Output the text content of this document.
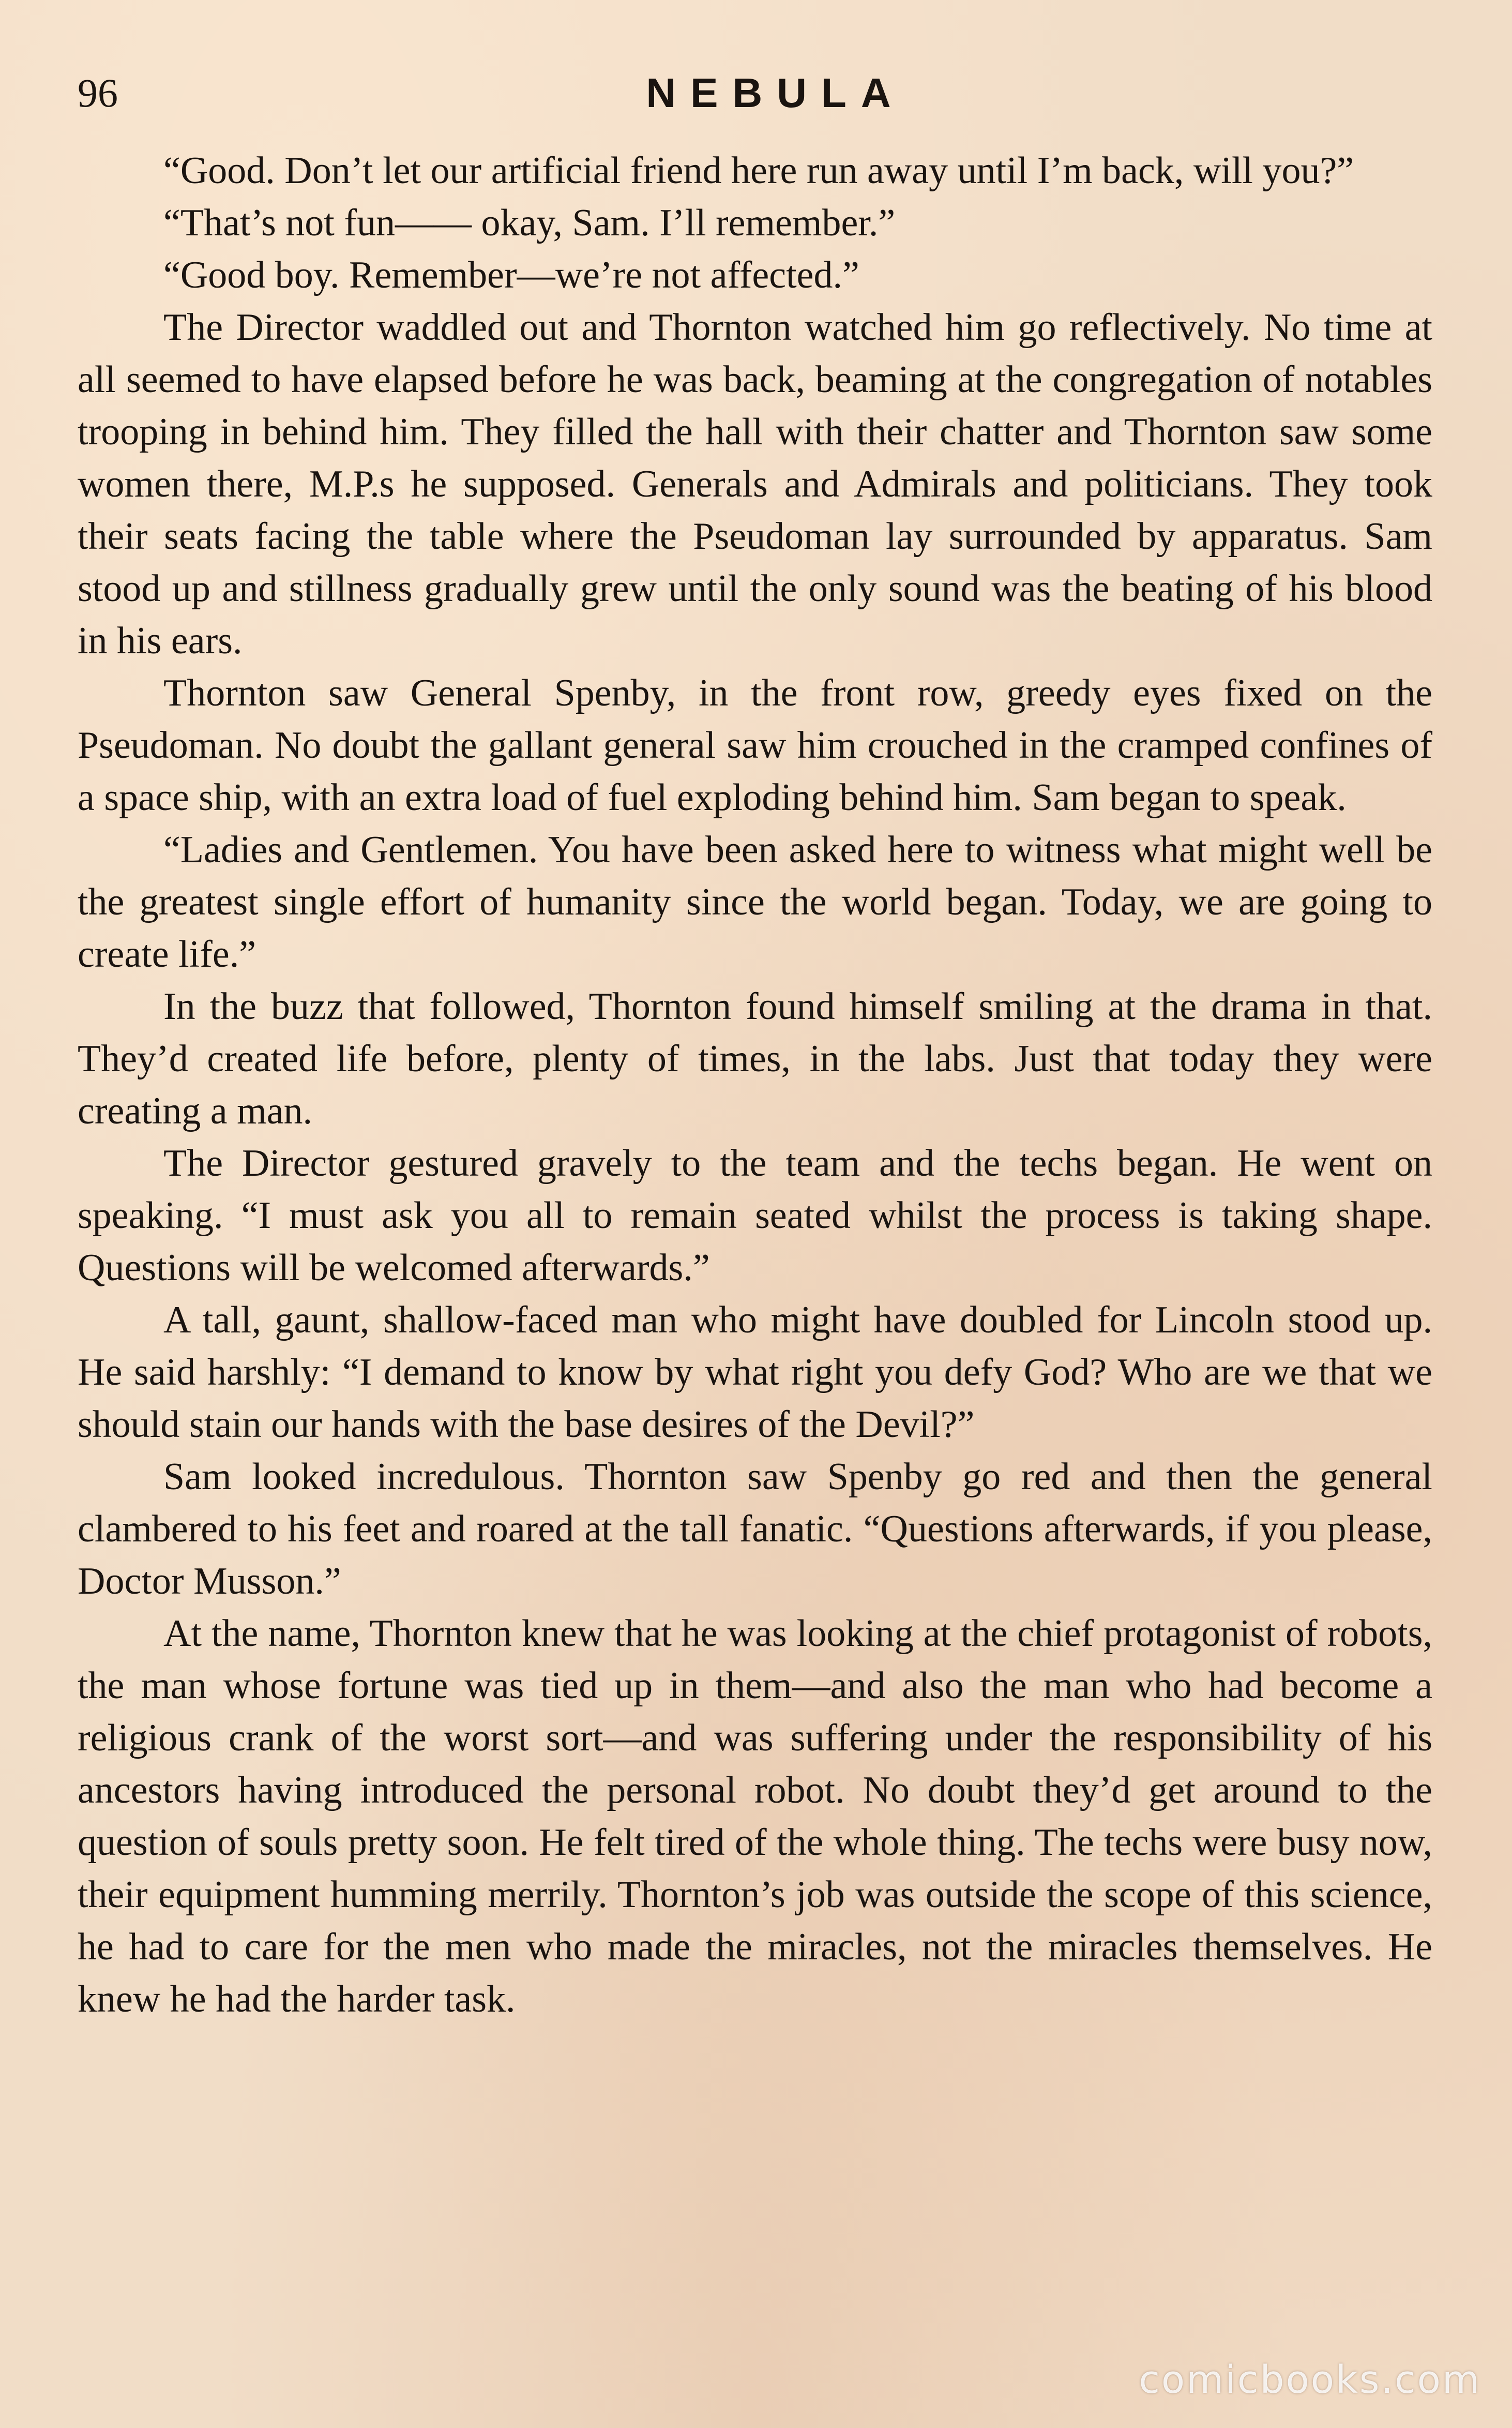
96	NEBULA

“Good. Don’t let our artificial friend here run away until I’m back, will you?”

“That’s not fun—— okay, Sam. I’ll remember.”

“Good boy. Remember—we’re not affected.”

The Director waddled out and Thornton watched him go reflectively. No time at all seemed to have elapsed before he was back, beaming at the congregation of notables trooping in behind him. They filled the hall with their chatter and Thornton saw some women there, M.P.s he supposed. Generals and Admirals and politicians. They took their seats facing the table where the Pseudoman lay surrounded by apparatus. Sam stood up and stillness gradually grew until the only sound was the beating of his blood in his ears.

Thornton saw General Spenby, in the front row, greedy eyes fixed on the Pseudoman. No doubt the gallant general saw him crouched in the cramped confines of a space ship, with an extra load of fuel exploding behind him. Sam began to speak.

“Ladies and Gentlemen. You have been asked here to witness what might well be the greatest single effort of humanity since the world began. Today, we are going to create life.”

In the buzz that followed, Thornton found himself smiling at the drama in that. They’d created life before, plenty of times, in the labs. Just that today they were creating a man.

The Director gestured gravely to the team and the techs began. He went on speaking. “I must ask you all to remain seated whilst the process is taking shape. Questions will be welcomed afterwards.”

A tall, gaunt, shallow-faced man who might have doubled for Lincoln stood up. He said harshly: “I demand to know by what right you defy God? Who are we that we should stain our hands with the base desires of the Devil?”

Sam looked incredulous. Thornton saw Spenby go red and then the general clambered to his feet and roared at the tall fanatic. “Questions afterwards, if you please, Doctor Musson.”

At the name, Thornton knew that he was looking at the chief protagonist of robots, the man whose fortune was tied up in them—and also the man who had become a religious crank of the worst sort—and was suffering under the responsibility of his ancestors having introduced the personal robot. No doubt they’d get around to the question of souls pretty soon. He felt tired of the whole thing. The techs were busy now, their equipment humming merrily. Thornton’s job was outside the scope of this science, he had to care for the men who made the miracles, not the miracles themselves. He knew he had the harder task.

comicbooks.com
